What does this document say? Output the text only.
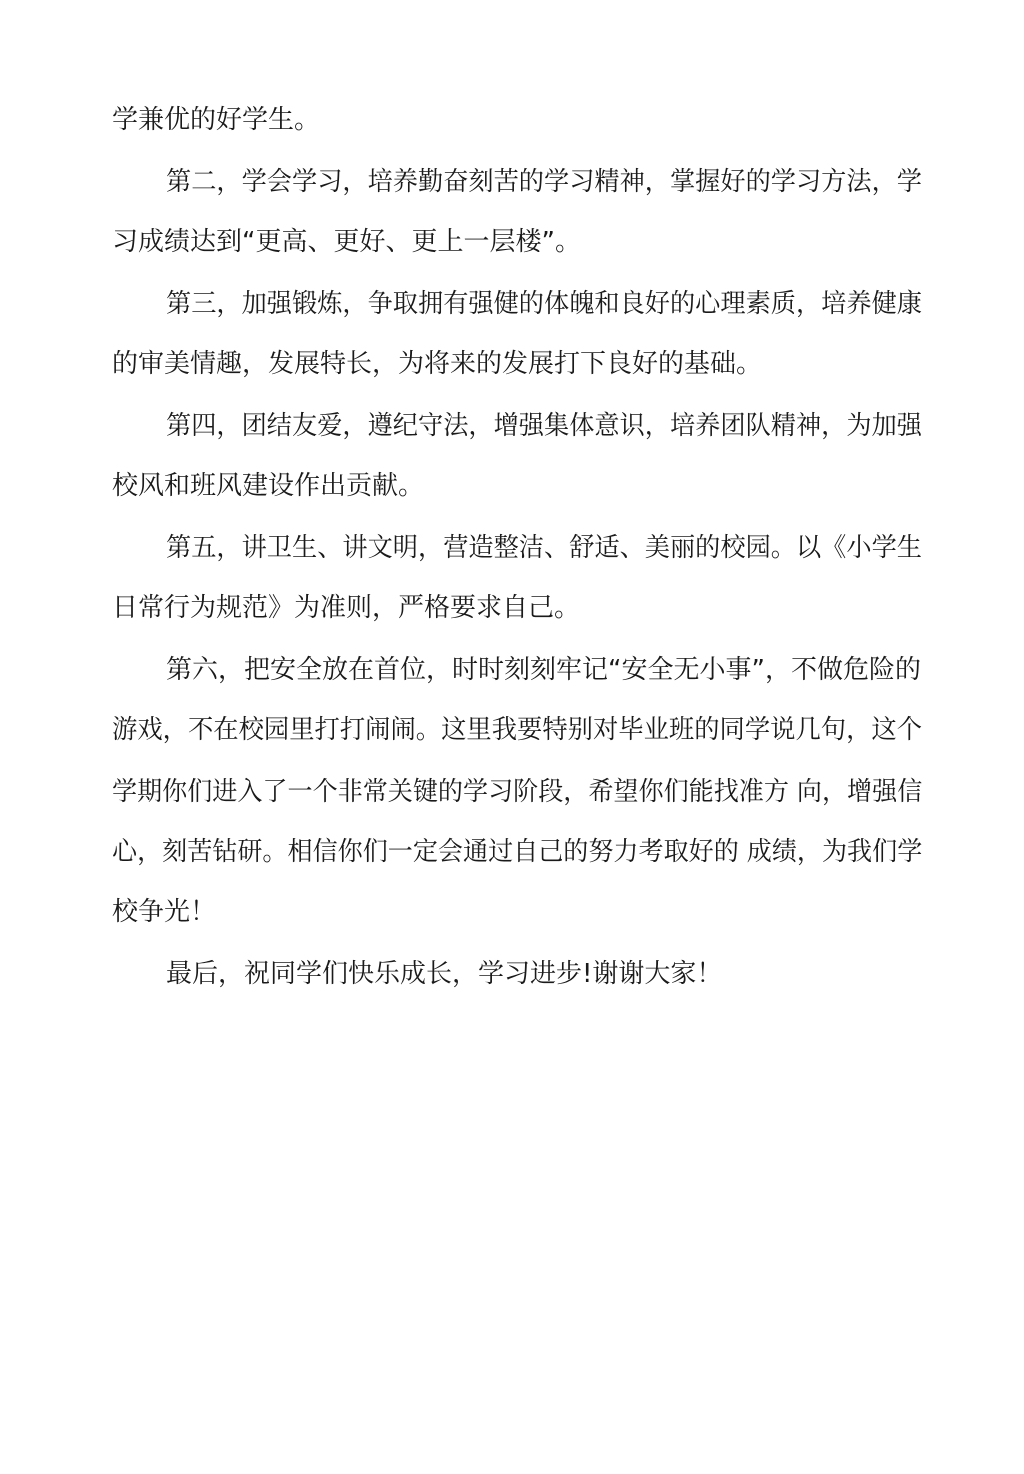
学兼优的好学生。
第二，学会学习，培养勤奋刻苦的学习精神，掌握好的学习方法，学
习成绩达到“更高、更好、更上一层楼”。
第三，加强锻炼，争取拥有强健的体魄和良好的心理素质，培养健康
的审美情趣，发展特长，为将来的发展打下良好的基础。
第四，团结友爱，遵纪守法，增强集体意识，培养团队精神，为加强
校风和班风建设作出贡献。
第五，讲卫生、讲文明，营造整洁、舒适、美丽的校园。以《小学生
日常行为规范》为准则，严格要求自己。
第六，把安全放在首位，时时刻刻牢记“安全无小事”，不做危险的
游戏，不在校园里打打闹闹。这里我要特别对毕业班的同学说几句，这个
学期你们进入了一个非常关键的学习阶段，希望你们能找准方 向，增强信
心，刻苦钻研。相信你们一定会通过自己的努力考取好的 成绩，为我们学
校争光！
最后，祝同学们快乐成长，学习进步!谢谢大家！
